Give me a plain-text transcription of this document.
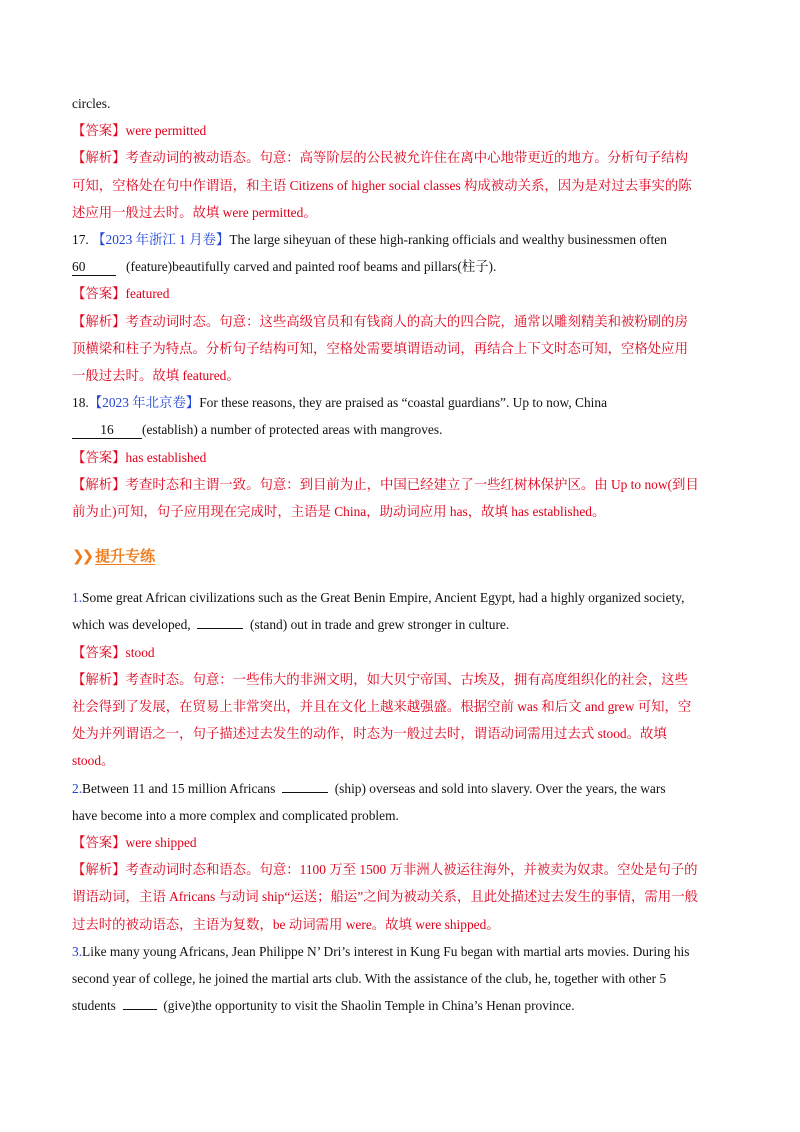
circles.
【答案】were permitted
【解析】考查动词的被动语态。句意：高等阶层的公民被允许住在离中心地带更近的地方。分析句子结构
可知，空格处在句中作谓语，和主语 Citizens of higher social classes 构成被动关系，因为是对过去事实的陈
述应用一般过去时。故填 were permitted。
17. 【2023 年浙江 1 月卷】The large siheyuan of these high-ranking officials and wealthy businessmen often
60	(feature)beautifully carved and painted roof beams and pillars(柱子).
【答案】featured
【解析】考查动词时态。句意：这些高级官员和有钱商人的高大的四合院，通常以雕刻精美和被粉刷的房
顶横梁和柱子为特点。分析句子结构可知，空格处需要填谓语动词，再结合上下文时态可知，空格处应用
一般过去时。故填 featured。
18.【2023 年北京卷】For these reasons, they are praised as “coastal guardians”. Up to now, China
16 (establish) a number of protected areas with mangroves.
【答案】has established
【解析】考查时态和主谓一致。句意：到目前为止，中国已经建立了一些红树林保护区。由 Up to now(到目
前为止)可知，句子应用现在完成时，主语是 China，助动词应用 has，故填 has established。
❯❯ 提升专练
1.Some great African civilizations such as the Great Benin Empire, Ancient Egypt, had a highly organized society,
which was developed,	(stand) out in trade and grew stronger in culture.
【答案】stood
【解析】考查时态。句意：一些伟大的非洲文明，如大贝宁帝国、古埃及，拥有高度组织化的社会，这些
社会得到了发展，在贸易上非常突出，并且在文化上越来越强盛。根据空前 was 和后文 and grew 可知，空
处为并列谓语之一，句子描述过去发生的动作，时态为一般过去时，谓语动词需用过去式 stood。故填
stood。
2.Between 11 and 15 million Africans	(ship) overseas and sold into slavery. Over the years, the wars
have become into a more complex and complicated problem.
【答案】were shipped
【解析】考查动词时态和语态。句意：1100 万至 1500 万非洲人被运往海外，并被卖为奴隶。空处是句子的
谓语动词，主语 Africans 与动词 ship“运送；船运”之间为被动关系，且此处描述过去发生的事情，需用一般
过去时的被动语态，主语为复数，be 动词需用 were。故填 were shipped。
3.Like many young Africans, Jean Philippe N’ Dri’s interest in Kung Fu began with martial arts movies. During his
second year of college, he joined the martial arts club. With the assistance of the club, he, together with other 5
students	(give)the opportunity to visit the Shaolin Temple in China’s Henan province.
